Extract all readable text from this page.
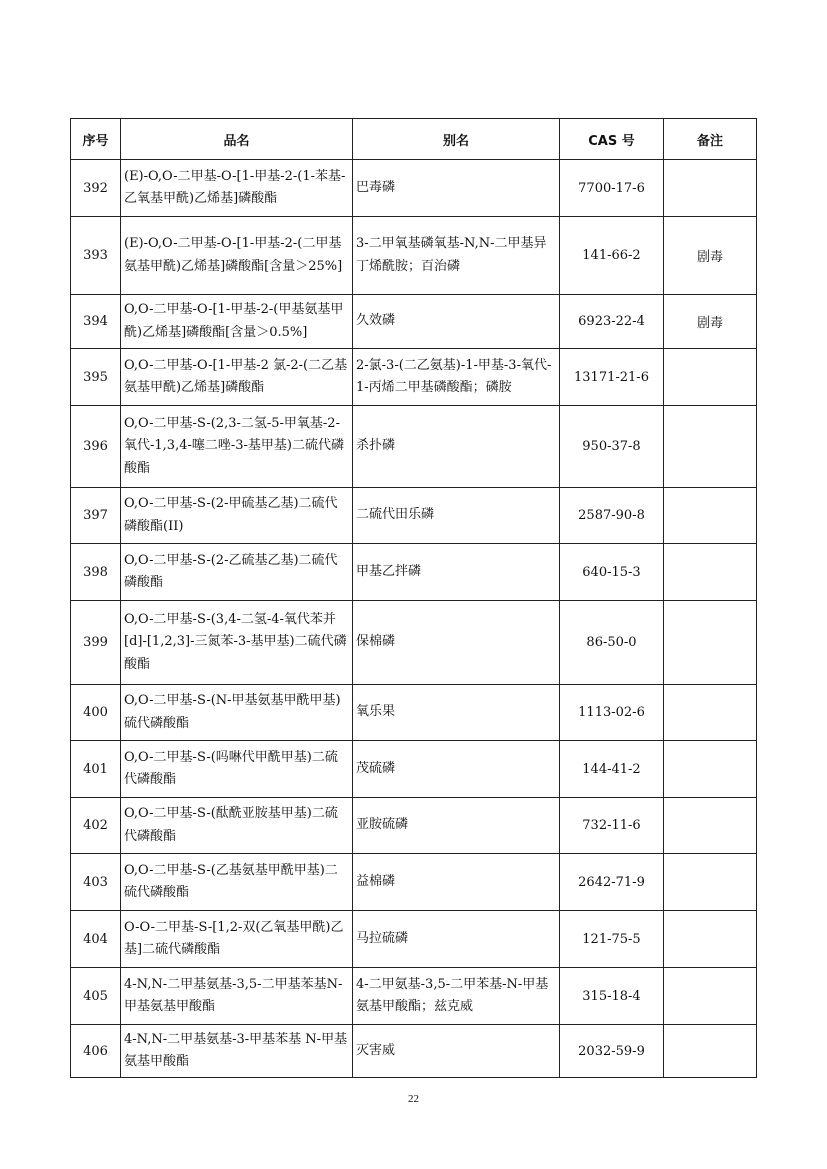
序号	品名	别名	CAS 号	备注
392	(E)-O,O-二甲基-O-[1-甲基-2-(1-苯基-乙氧基甲酰)乙烯基]磷酸酯	巴毒磷	7700-17-6	
393	(E)-O,O-二甲基-O-[1-甲基-2-(二甲基氨基甲酰)乙烯基]磷酸酯[含量＞25%]	3-二甲氧基磷氧基-N,N-二甲基异丁烯酰胺；百治磷	141-66-2	剧毒
394	O,O-二甲基-O-[1-甲基-2-(甲基氨基甲酰)乙烯基]磷酸酯[含量＞0.5%]	久效磷	6923-22-4	剧毒
395	O,O-二甲基-O-[1-甲基-2 氯-2-(二乙基氨基甲酰)乙烯基]磷酸酯	2-氯-3-(二乙氨基)-1-甲基-3-氧代-1-丙烯二甲基磷酸酯；磷胺	13171-21-6	
396	O,O-二甲基-S-(2,3-二氢-5-甲氧基-2-氧代-1,3,4-噻二唑-3-基甲基)二硫代磷酸酯	杀扑磷	950-37-8	
397	O,O-二甲基-S-(2-甲硫基乙基)二硫代磷酸酯(II)	二硫代田乐磷	2587-90-8	
398	O,O-二甲基-S-(2-乙硫基乙基)二硫代磷酸酯	甲基乙拌磷	640-15-3	
399	O,O-二甲基-S-(3,4-二氢-4-氧代苯并[d]-[1,2,3]-三氮苯-3-基甲基)二硫代磷酸酯	保棉磷	86-50-0	
400	O,O-二甲基-S-(N-甲基氨基甲酰甲基)硫代磷酸酯	氧乐果	1113-02-6	
401	O,O-二甲基-S-(吗啉代甲酰甲基)二硫代磷酸酯	茂硫磷	144-41-2	
402	O,O-二甲基-S-(酞酰亚胺基甲基)二硫代磷酸酯	亚胺硫磷	732-11-6	
403	O,O-二甲基-S-(乙基氨基甲酰甲基)二硫代磷酸酯	益棉磷	2642-71-9	
404	O-O-二甲基-S-[1,2-双(乙氧基甲酰)乙基]二硫代磷酸酯	马拉硫磷	121-75-5	
405	4-N,N-二甲基氨基-3,5-二甲基苯基N-甲基氨基甲酸酯	4-二甲氨基-3,5-二甲苯基-N-甲基氨基甲酸酯；兹克威	315-18-4	
406	4-N,N-二甲基氨基-3-甲基苯基 N-甲基氨基甲酸酯	灭害威	2032-59-9	
22
